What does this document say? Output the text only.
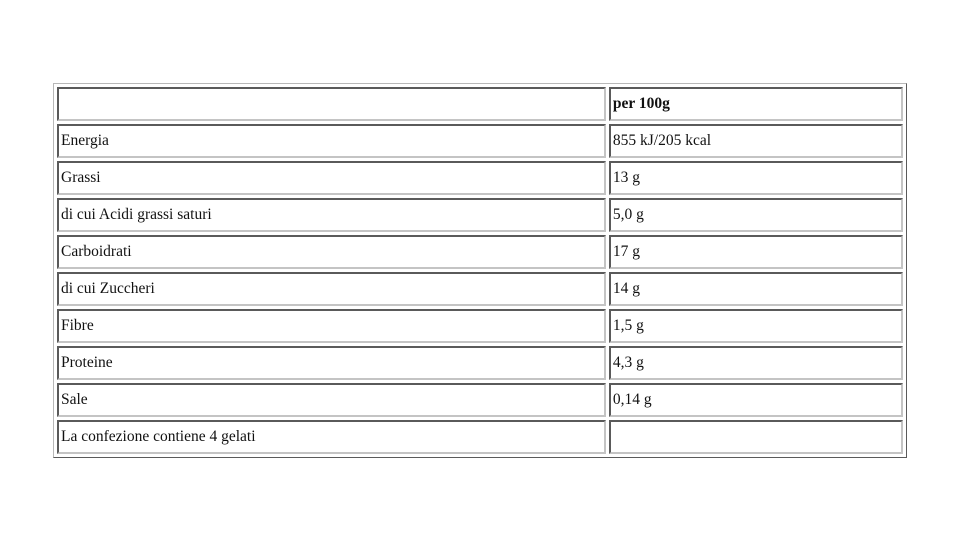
	per 100g
Energia	855 kJ/205 kcal
Grassi	13 g
di cui Acidi grassi saturi	5,0 g
Carboidrati	17 g
di cui Zuccheri	14 g
Fibre	1,5 g
Proteine	4,3 g
Sale	0,14 g
La confezione contiene 4 gelati	
